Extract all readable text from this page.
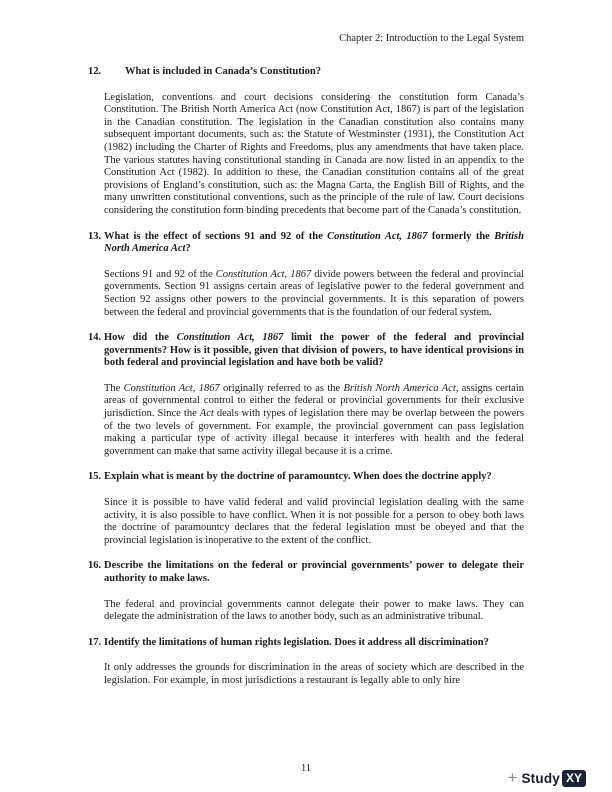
Chapter 2: Introduction to the Legal System
12.	What is included in Canada’s Constitution?
Legislation, conventions and court decisions considering the constitution form Canada’s Constitution. The British North America Act (now Constitution Act, 1867) is part of the legislation in the Canadian constitution. The legislation in the Canadian constitution also contains many subsequent important documents, such as: the Statute of Westminster (1931), the Constitution Act (1982) including the Charter of Rights and Freedoms, plus any amendments that have taken place. The various statutes having constitutional standing in Canada are now listed in an appendix to the Constitution Act (1982). In addition to these, the Canadian constitution contains all of the great provisions of England’s constitution, such as: the Magna Carta, the English Bill of Rights, and the many unwritten constitutional conventions, such as the principle of the rule of law. Court decisions considering the constitution form binding precedents that become part of the Canada’s constitution.
13. What is the effect of sections 91 and 92 of the Constitution Act, 1867 formerly the British North America Act?
Sections 91 and 92 of the Constitution Act, 1867 divide powers between the federal and provincial governments. Section 91 assigns certain areas of legislative power to the federal government and Section 92 assigns other powers to the provincial governments. It is this separation of powers between the federal and provincial governments that is the foundation of our federal system.
14. How did the Constitution Act, 1867 limit the power of the federal and provincial governments? How is it possible, given that division of powers, to have identical provisions in both federal and provincial legislation and have both be valid?
The Constitution Act, 1867 originally referred to as the British North America Act, assigns certain areas of governmental control to either the federal or provincial governments for their exclusive jurisdiction. Since the Act deals with types of legislation there may be overlap between the powers of the two levels of government. For example, the provincial government can pass legislation making a particular type of activity illegal because it interferes with health and the federal government can make that same activity illegal because it is a crime.
15. Explain what is meant by the doctrine of paramountcy. When does the doctrine apply?
Since it is possible to have valid federal and valid provincial legislation dealing with the same activity, it is also possible to have conflict. When it is not possible for a person to obey both laws the doctrine of paramountcy declares that the federal legislation must be obeyed and that the provincial legislation is inoperative to the extent of the conflict.
16. Describe the limitations on the federal or provincial governments’ power to delegate their authority to make laws.
The federal and provincial governments cannot delegate their power to make laws. They can delegate the administration of the laws to another body, such as an administrative tribunal.
17. Identify the limitations of human rights legislation. Does it address all discrimination?
It only addresses the grounds for discrimination in the areas of society which are described in the legislation. For example, in most jurisdictions a restaurant is legally able to only hire
11	+ Study XY
